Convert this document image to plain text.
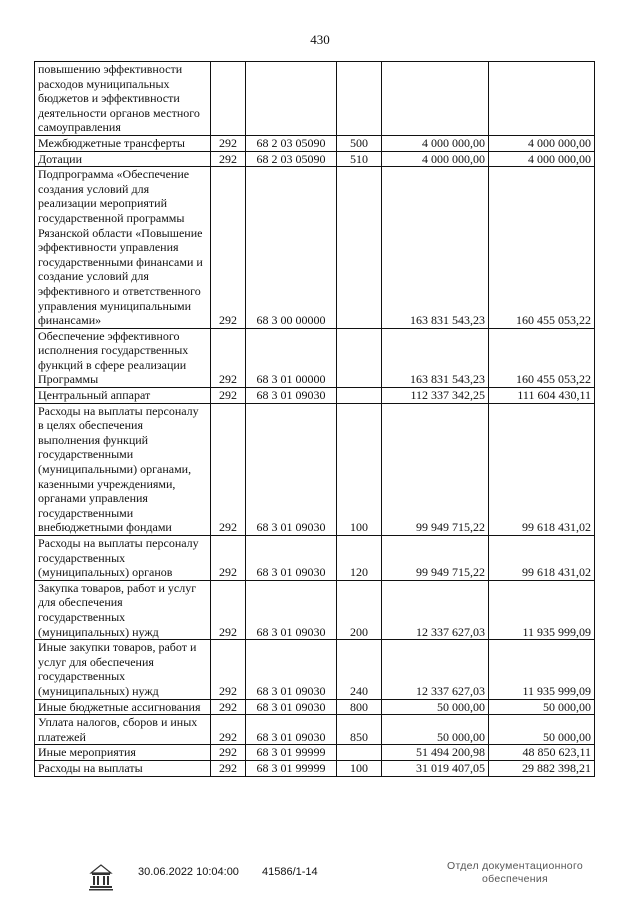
430
повышению эффективности расходов муниципальных бюджетов и эффективности деятельности органов местного самоуправления					
Межбюджетные трансферты	292	68 2 03 05090	500	4 000 000,00	4 000 000,00
Дотации	292	68 2 03 05090	510	4 000 000,00	4 000 000,00
Подпрограмма «Обеспечение создания условий для реализации мероприятий государственной программы Рязанской области «Повышение эффективности управления государственными финансами и создание условий для эффективного и ответственного управления муниципальными финансами»	292	68 3 00 00000		163 831 543,23	160 455 053,22
Обеспечение эффективного исполнения государственных функций в сфере реализации Программы	292	68 3 01 00000		163 831 543,23	160 455 053,22
Центральный аппарат	292	68 3 01 09030		112 337 342,25	111 604 430,11
Расходы на выплаты персоналу в целях обеспечения выполнения функций государственными (муниципальными) органами, казенными учреждениями, органами управления государственными внебюджетными фондами	292	68 3 01 09030	100	99 949 715,22	99 618 431,02
Расходы на выплаты персоналу государственных (муниципальных) органов	292	68 3 01 09030	120	99 949 715,22	99 618 431,02
Закупка товаров, работ и услуг для обеспечения государственных (муниципальных) нужд	292	68 3 01 09030	200	12 337 627,03	11 935 999,09
Иные закупки товаров, работ и услуг для обеспечения государственных (муниципальных) нужд	292	68 3 01 09030	240	12 337 627,03	11 935 999,09
Иные бюджетные ассигнования	292	68 3 01 09030	800	50 000,00	50 000,00
Уплата налогов, сборов и иных платежей	292	68 3 01 09030	850	50 000,00	50 000,00
Иные мероприятия	292	68 3 01 99999		51 494 200,98	48 850 623,11
Расходы на выплаты	292	68 3 01 99999	100	31 019 407,05	29 882 398,21
30.06.2022 10:04:00 41586/1-14	Отдел документационного
обеспечения
